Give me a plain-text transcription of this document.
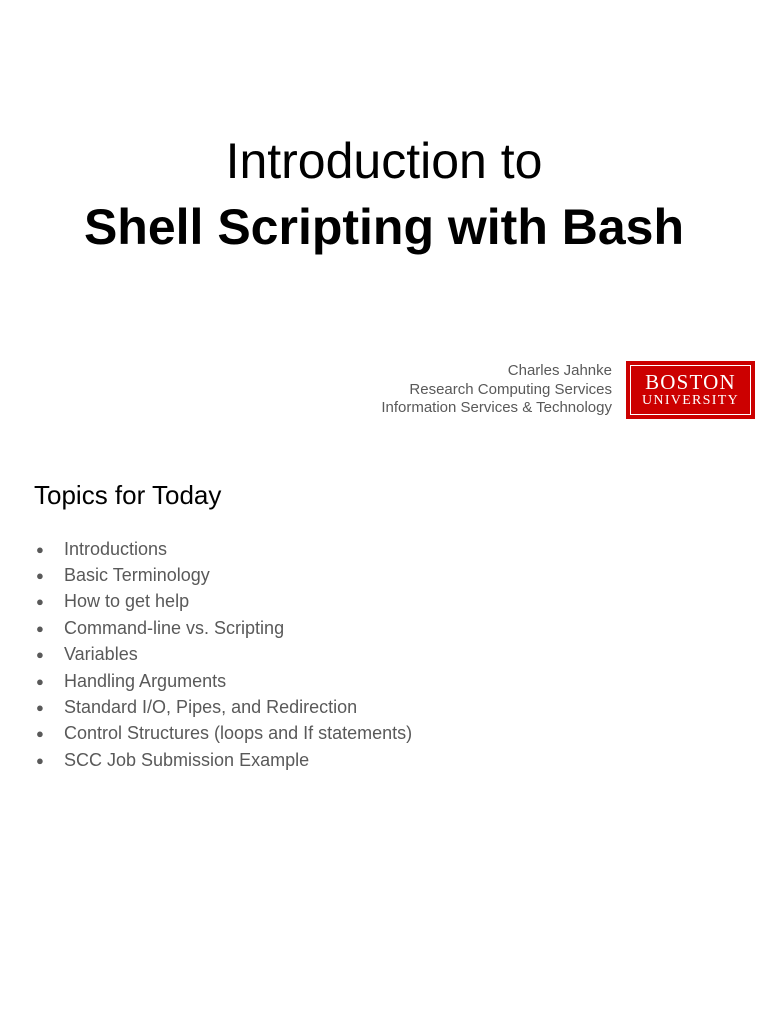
Introduction to
Shell Scripting with Bash
Charles Jahnke
Research Computing Services
Information Services & Technology
BOSTON
UNIVERSITY
Topics for Today
●	Introductions
●	Basic Terminology
●	How to get help
●	Command-line vs. Scripting
●	Variables
●	Handling Arguments
●	Standard I/O, Pipes, and Redirection
●	Control Structures (loops and If statements)
●	SCC Job Submission Example
